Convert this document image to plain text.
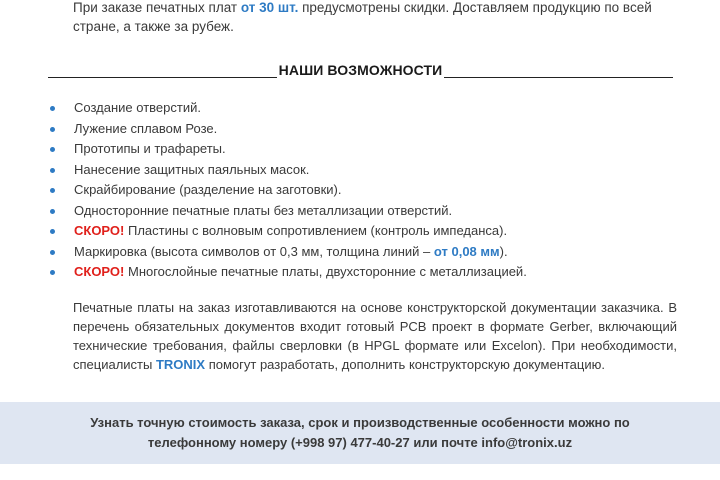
При заказе печатных плат от 30 шт. предусмотрены скидки. Доставляем продукцию по всей стране, а также за рубеж.

НАШИ ВОЗМОЖНОСТИ
Создание отверстий.
Лужение сплавом Розе.
Прототипы и трафареты.
Нанесение защитных паяльных масок.
Скрайбирование (разделение на заготовки).
Односторонние печатные платы без металлизации отверстий.
СКОРО! Пластины с волновым сопротивлением (контроль импеданса).
Маркировка (высота символов от 0,3 мм, толщина линий – от 0,08 мм).
СКОРО! Многослойные печатные платы, двухсторонние с металлизацией.

Печатные платы на заказ изготавливаются на основе конструкторской документации заказчика. В перечень обязательных документов входит готовый PCB проект в формате Gerber, включающий технические требования, файлы сверловки (в HPGL формате или Excelon). При необходимости, специалисты TRONIX помогут разработать, дополнить конструкторскую документацию.

Узнать точную стоимость заказа, срок и производственные особенности можно по
телефонному номеру (+998 97) 477-40-27 или почте info@tronix.uz
